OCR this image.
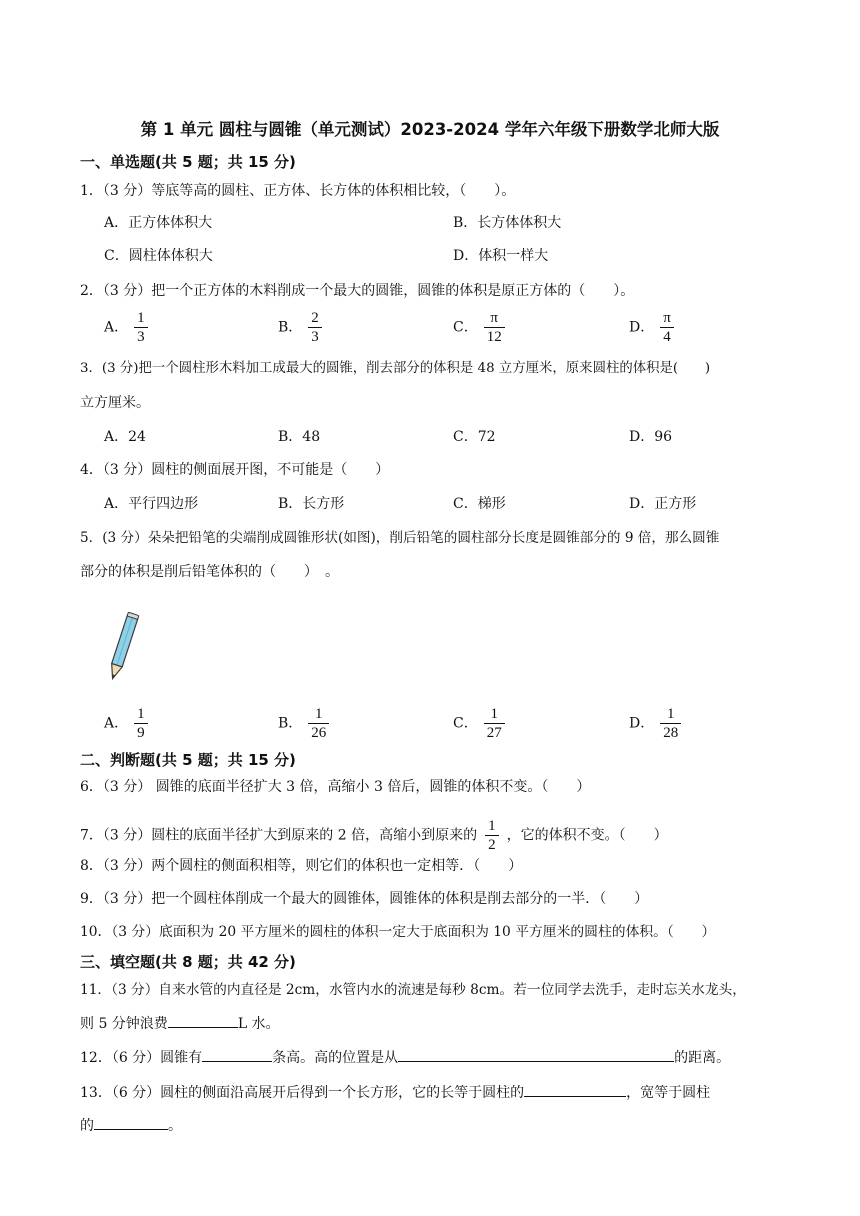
第 1 单元 圆柱与圆锥（单元测试）2023-2024 学年六年级下册数学北师大版
一、单选题(共 5 题；共 15 分)
1．（3 分）等底等高的圆柱、正方体、长方体的体积相比较，（　　）。
A．正方体体积大	B．长方体体积大
C．圆柱体体积大	D．体积一样大
2．（3 分）把一个正方体的木料削成一个最大的圆锥，圆锥的体积是原正方体的（　　）。
A． $\frac{1}{3}$	B． $\frac{2}{3}$	C． $\frac{\pi}{12}$	D． $\frac{\pi}{4}$
3．(3 分)把一个圆柱形木料加工成最大的圆锥，削去部分的体积是 48 立方厘米，原来圆柱的体积是(　　)
立方厘米。
A．24	B．48	C．72	D．96
4．（3 分）圆柱的侧面展开图，不可能是（　　）
A．平行四边形	B．长方形	C．梯形	D．正方形
5．(3 分）朵朵把铅笔的尖端削成圆锥形状(如图)，削后铅笔的圆柱部分长度是圆锥部分的 9 倍，那么圆锥
部分的体积是削后铅笔体积的（　　）　。
A． $\frac{1}{9}$	B． $\frac{1}{26}$	C． $\frac{1}{27}$	D． $\frac{1}{28}$
二、判断题(共 5 题；共 15 分)
6．（3 分） 圆锥的底面半径扩大 3 倍，高缩小 3 倍后，圆锥的体积不变。（　　）
7．（3 分）圆柱的底面半径扩大到原来的 2 倍，高缩小到原来的 $\frac{1}{2}$ ，它的体积不变。（　　）
8．（3 分）两个圆柱的侧面积相等，则它们的体积也一定相等．（　　）
9．（3 分）把一个圆柱体削成一个最大的圆锥体，圆锥体的体积是削去部分的一半．（　　）
10．（3 分）底面积为 20 平方厘米的圆柱的体积一定大于底面积为 10 平方厘米的圆柱的体积。（　　）
三、填空题(共 8 题；共 42 分)
11．（3 分）自来水管的内直径是 2cm，水管内水的流速是每秒 8cm。若一位同学去洗手，走时忘关水龙头，
则 5 分钟浪费	L 水。
12．（6 分）圆锥有	条高。高的位置是从	的距离。
13．（6 分）圆柱的侧面沿高展开后得到一个长方形，它的长等于圆柱的	，宽等于圆柱
的	。
